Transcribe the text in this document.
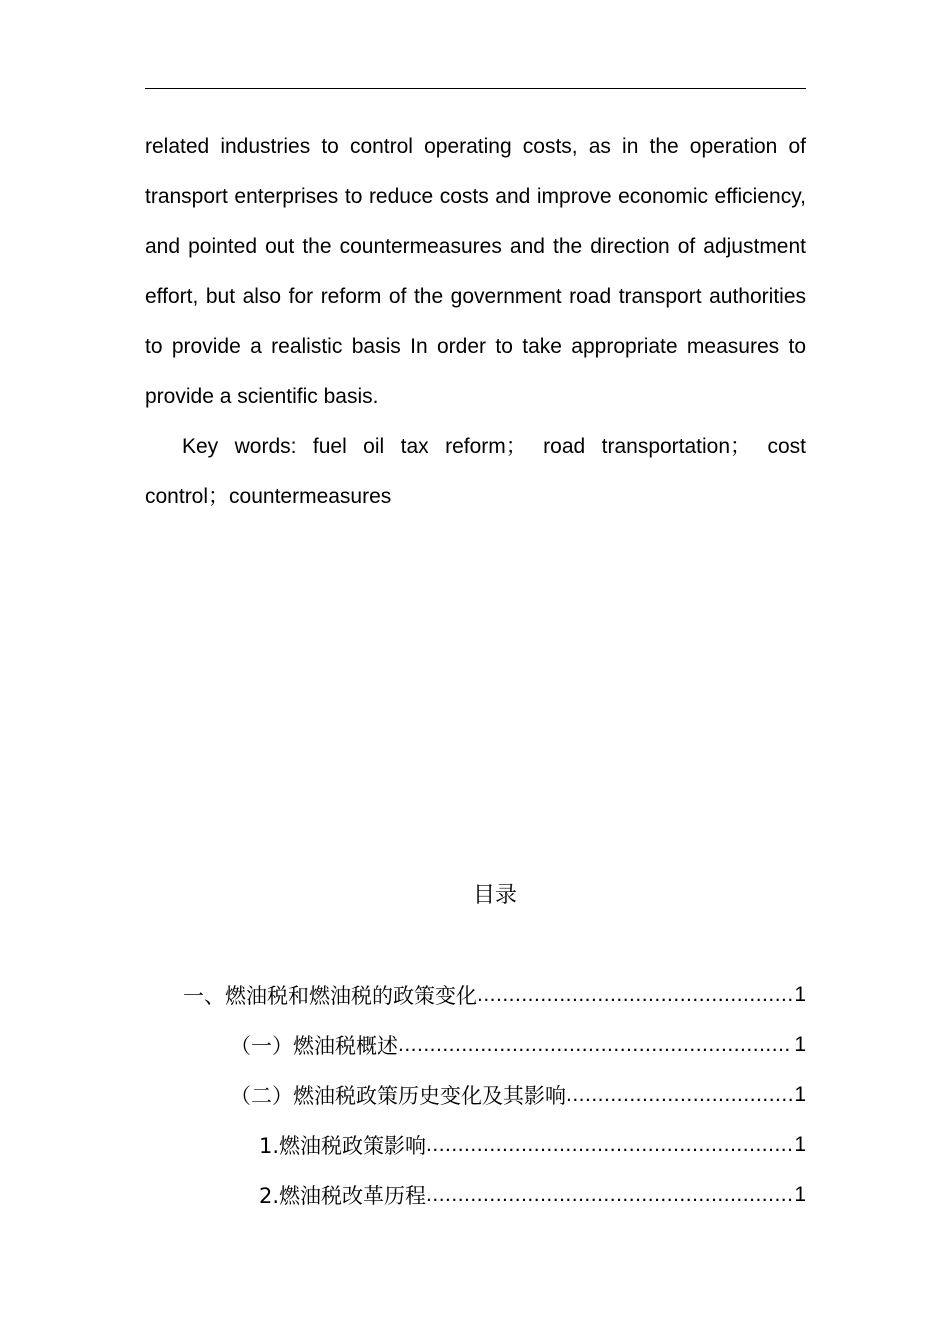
related industries to control operating costs, as in the operation of transport enterprises to reduce costs and improve economic efficiency, and pointed out the countermeasures and the direction of adjustment effort, but also for reform of the government road transport authorities to provide a realistic basis In order to take appropriate measures to provide a scientific basis.

Key words: fuel oil tax reform； road transportation； cost control；countermeasures

目录
一、燃油税和燃油税的政策变化 .....	1
（一）燃油税概述 .....	1
（二）燃油税政策历史变化及其影响 .....	1
1.燃油税政策影响 .....	1
2.燃油税改革历程 .....	1
